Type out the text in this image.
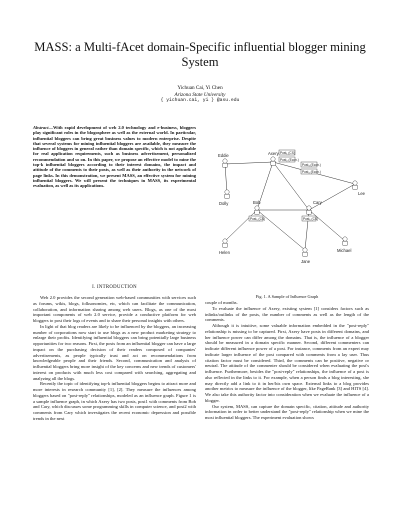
MASS: a Multi-fAcet domain-Specific influential blogger mining System
Yichuan Cai, Yi Chen
Arizona State University
{ yichuan.cai, yi } @asu.edu
Abstract—With rapid development of web 2.0 technology and e-business, bloggers play significant roles in the blogosphere as well as the external world. In particular, influential bloggers can bring great business values to modern enterprise. Despite that several systems for mining influential bloggers are available, they measure the influence of bloggers in general rather than domain specific, which is not applicable for real application requirements, such as business advertisement, personalized recommendation and so on. In this paper, we propose an effective model to mine the top-k influential bloggers according to their interest domains, the impact and attitude of the comments to their posts, as well as their authority in the network of page links. In this demonstration, we present MASS, an effective system for mining influential bloggers. We will present the techniques in MASS, its experimental evaluation, as well as its applications.
I. INTRODUCTION

Web 2.0 provides the second generation web-based communities with services such as forums, wikis, blogs, folksonomies, etc, which can facilitate the communication, collaboration, and information sharing among web users. Blogs, as one of the most important components of web 2.0 service, provide a conductive platform for web bloggers to post their logs of events and to share their personal insights with others.

In light of that blog readers are likely to be influenced by the bloggers, an increasing number of corporations now start to use blogs as a new product marketing strategy to enlarge their profits. Identifying influential bloggers can bring potentially large business opportunities for two reasons. First, the posts from an influential blogger can have a large impact on the purchasing decision of their readers composed of companies' advertisements, as people typically trust and act on recommendations from knowledgeable people and their friends. Second, communication and analysis of influential bloggers bring more insight of the key concerns and new trends of customers' interest on products with much less cost compared with searching, aggregating and analyzing all the blogs.

Recently the topic of identifying top-k influential bloggers begins to attract more and more interests in research community [1], [2]. They measure the influences among bloggers based on "post-reply" relationships, modeled as an influence graph. Figure 1 is a sample influence graph, in which Axery has two posts, post1 with comments from Bob and Cary, which discusses some programming skills in computer science, and post2 with comments from Cary which investigates the recent economic depression and possible trends in the next

Eddie	Axery
Dolly
Lee
Bob	Cary
Helen	Michael
Jane
Post₁ (CS)
Post₂ (Econ.)
Post₃ (Econ.)
Post₄ (Econ.)
Post₅ (CS)	Post₆ (CS)
Fig. 1. A Sample of Influence Graph

couple of months.

To evaluate the influence of Axery, existing system [1] considers factors such as inlinks/outlinks of the posts, the number of comments as well as the length of the comments.

Although it is intuitive, some valuable information embedded in the "post-reply" relationship is missing to be captured. First, Axery have posts in different domains, and her influence power can differ among the domains. That is, the influence of a blogger should be measured in a domain specific manner. Second, different commenters can indicate different influence power of a post. For instance, comments from an expert may indicate larger influence of the post compared with comments from a lay user. Thus citation factor must be considered. Third, the comments can be positive, negative or neutral. The attitude of the commenter should be considered when evaluating the post's influence. Furthermore, besides the "post-reply" relationships, the influence of a post is also reflected in the links to it. For example, when a person finds a blog interesting, she may directly add a link to it in her/his own space. External links to a blog provides another metrics to measure the influence of the blogger, like PageRank [3] and HITS [4]. We also take this authority factor into consideration when we evaluate the influence of a blogger.

Our system, MASS, can capture the domain specific, citation, attitude and authority information in order to better understand the "post-reply" relationship when we mine the most influential bloggers. The experiment evaluation shows
